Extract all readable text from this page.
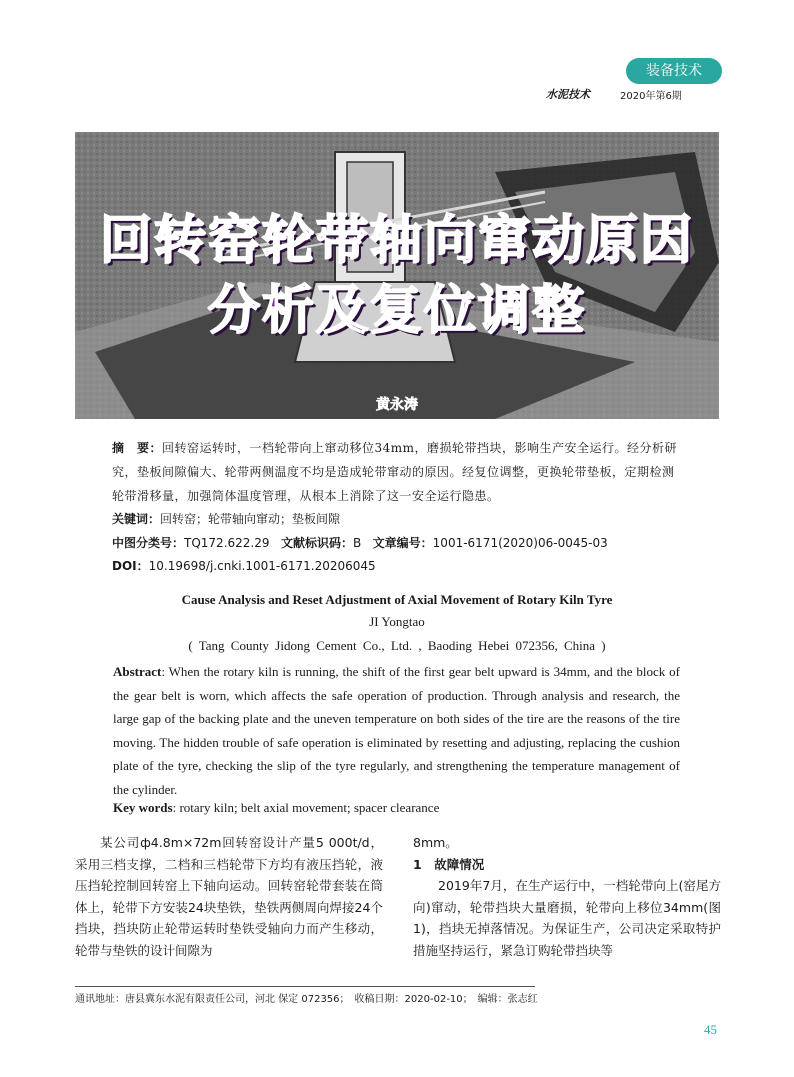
装备技术
水泥技术	2020年第6期
回转窑轮带轴向窜动原因
分析及复位调整
黄永涛
摘　要：回转窑运转时，一档轮带向上窜动移位34mm，磨损轮带挡块，影响生产安全运行。经分析研究，垫板间隙偏大、轮带两侧温度不均是造成轮带窜动的原因。经复位调整，更换轮带垫板，定期检测轮带滑移量，加强筒体温度管理，从根本上消除了这一安全运行隐患。
关键词：回转窑；轮带轴向窜动；垫板间隙
中图分类号：TQ172.622.29 文献标识码：B 文章编号：1001-6171(2020)06-0045-03
DOI：10.19698/j.cnki.1001-6171.20206045
Cause Analysis and Reset Adjustment of Axial Movement of Rotary Kiln Tyre
JI Yongtao
( Tang County Jidong Cement Co., Ltd. , Baoding Hebei 072356, China )
Abstract: When the rotary kiln is running, the shift of the first gear belt upward is 34mm, and the block of the gear belt is worn, which affects the safe operation of production. Through analysis and research, the large gap of the backing plate and the uneven temperature on both sides of the tire are the reasons of the tire moving. The hidden trouble of safe operation is eliminated by resetting and adjusting, replacing the cushion plate of the tyre, checking the slip of the tyre regularly, and strengthening the temperature management of the cylinder.
Key words: rotary kiln; belt axial movement; spacer clearance

某公司ф4.8m×72m回转窑设计产量5 000t/d，采用三档支撑，二档和三档轮带下方均有液压挡轮，液压挡轮控制回转窑上下轴向运动。回转窑轮带套装在筒体上，轮带下方安装24块垫铁，垫铁两侧周向焊接24个挡块，挡块防止轮带运转时垫铁受轴向力而产生移动，轮带与垫铁的设计间隙为

8mm。

1　故障情况

2019年7月，在生产运行中，一档轮带向上(窑尾方向)窜动，轮带挡块大量磨损，轮带向上移位34mm(图1)，挡块无掉落情况。为保证生产，公司决定采取特护措施坚持运行，紧急订购轮带挡块等

通讯地址：唐县冀东水泥有限责任公司，河北 保定 072356；　收稿日期：2020-02-10；　编辑：张志红
45
